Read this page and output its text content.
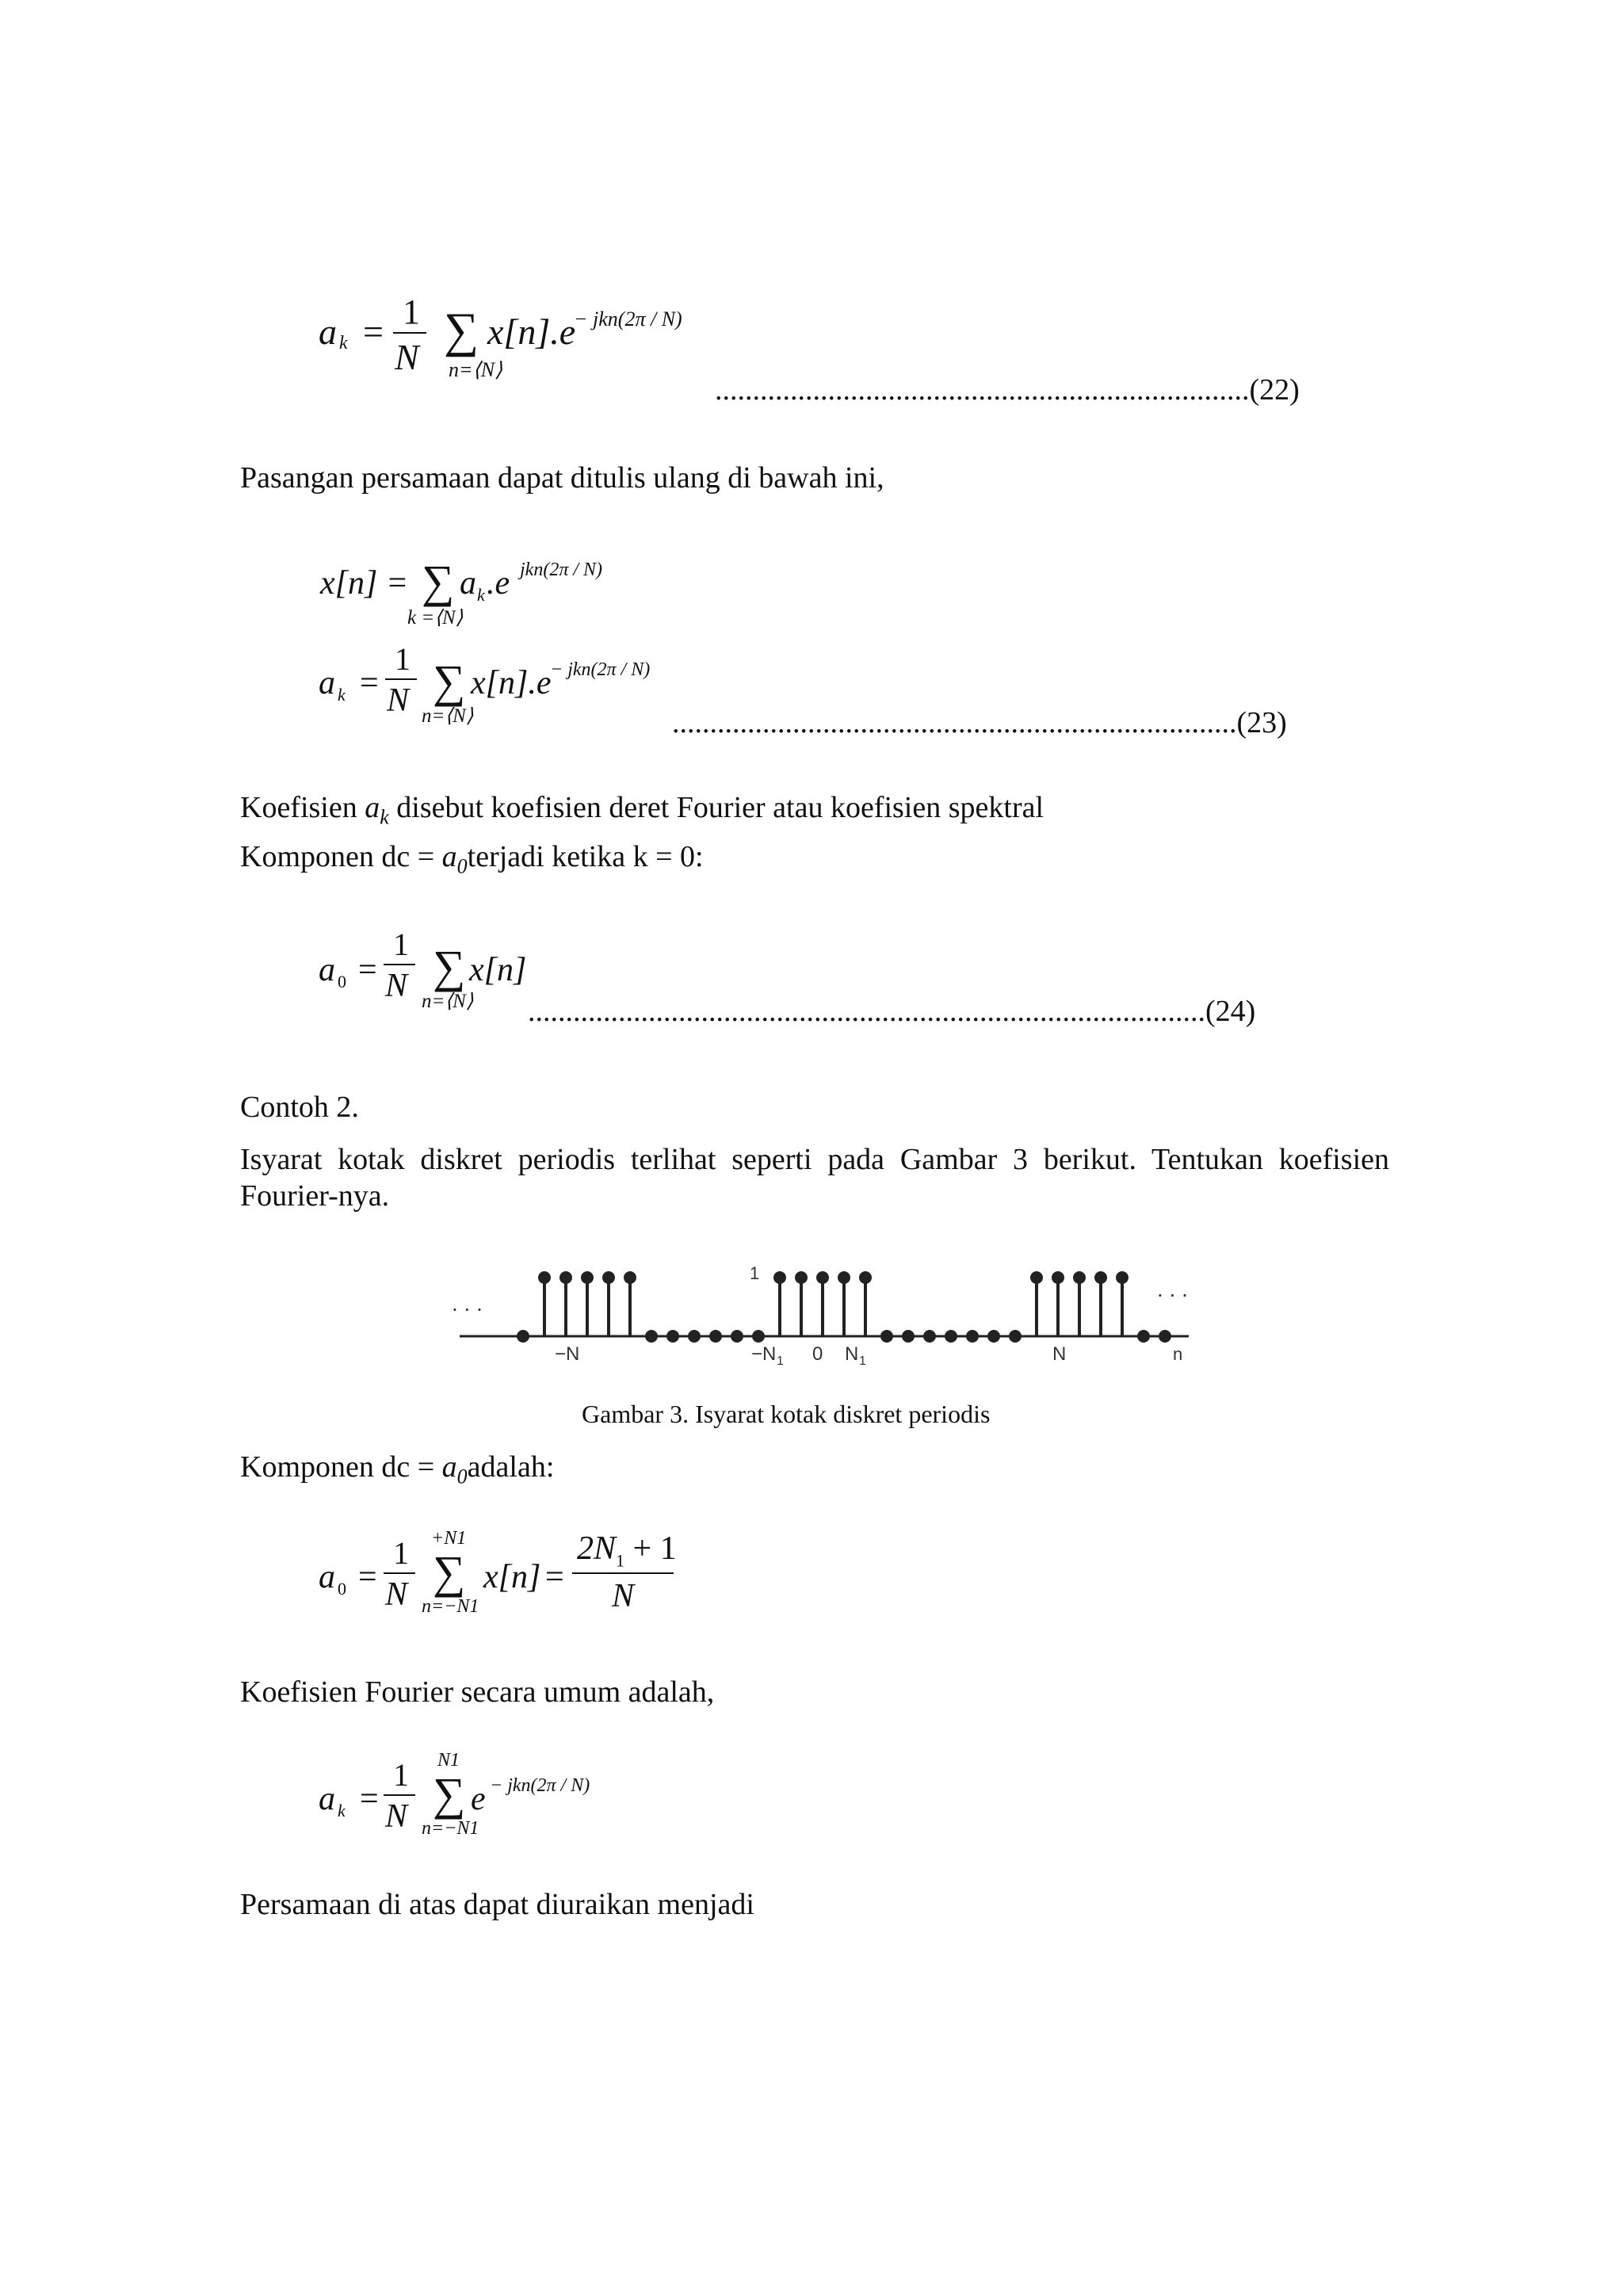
a k = 1
N ∑
n=⟨N⟩
x[n].e
− jkn(2π / N)
.......................................................................(22)
Pasangan persamaan dapat ditulis ulang di bawah ini,
x[n] = ∑
k =⟨N⟩
a k .e jkn(2π / N)
a k =
1
N ∑
n=⟨N⟩
x[n].e
− jkn(2π / N)
...........................................................................(23)
Koefisien $a_k$ disebut koefisien deret Fourier atau koefisien spektral
Komponen dc = $a_0terjadi$ ketika k = 0:
a 0 =
1
N ∑
n=⟨N⟩
x[n]
..........................................................................................(24)
Contoh 2.
Isyarat kotak diskret periodis terlihat seperti pada Gambar 3 berikut. Tentukan koefisien Fourier-nya.
. . .
. . .
−N	−N 1 0 N 1	N	n
1
Gambar 3. Isyarat kotak diskret periodis
Komponen dc = $a_0adalah$:
a 0 =
1
N
+N1
∑
n=−N1
x[n] =
$2N_1 + 1$
N
Koefisien Fourier secara umum adalah,
a k =
1
N
N1
∑
n=−N1
e − jkn(2π / N)
Persamaan di atas dapat diuraikan menjadi
